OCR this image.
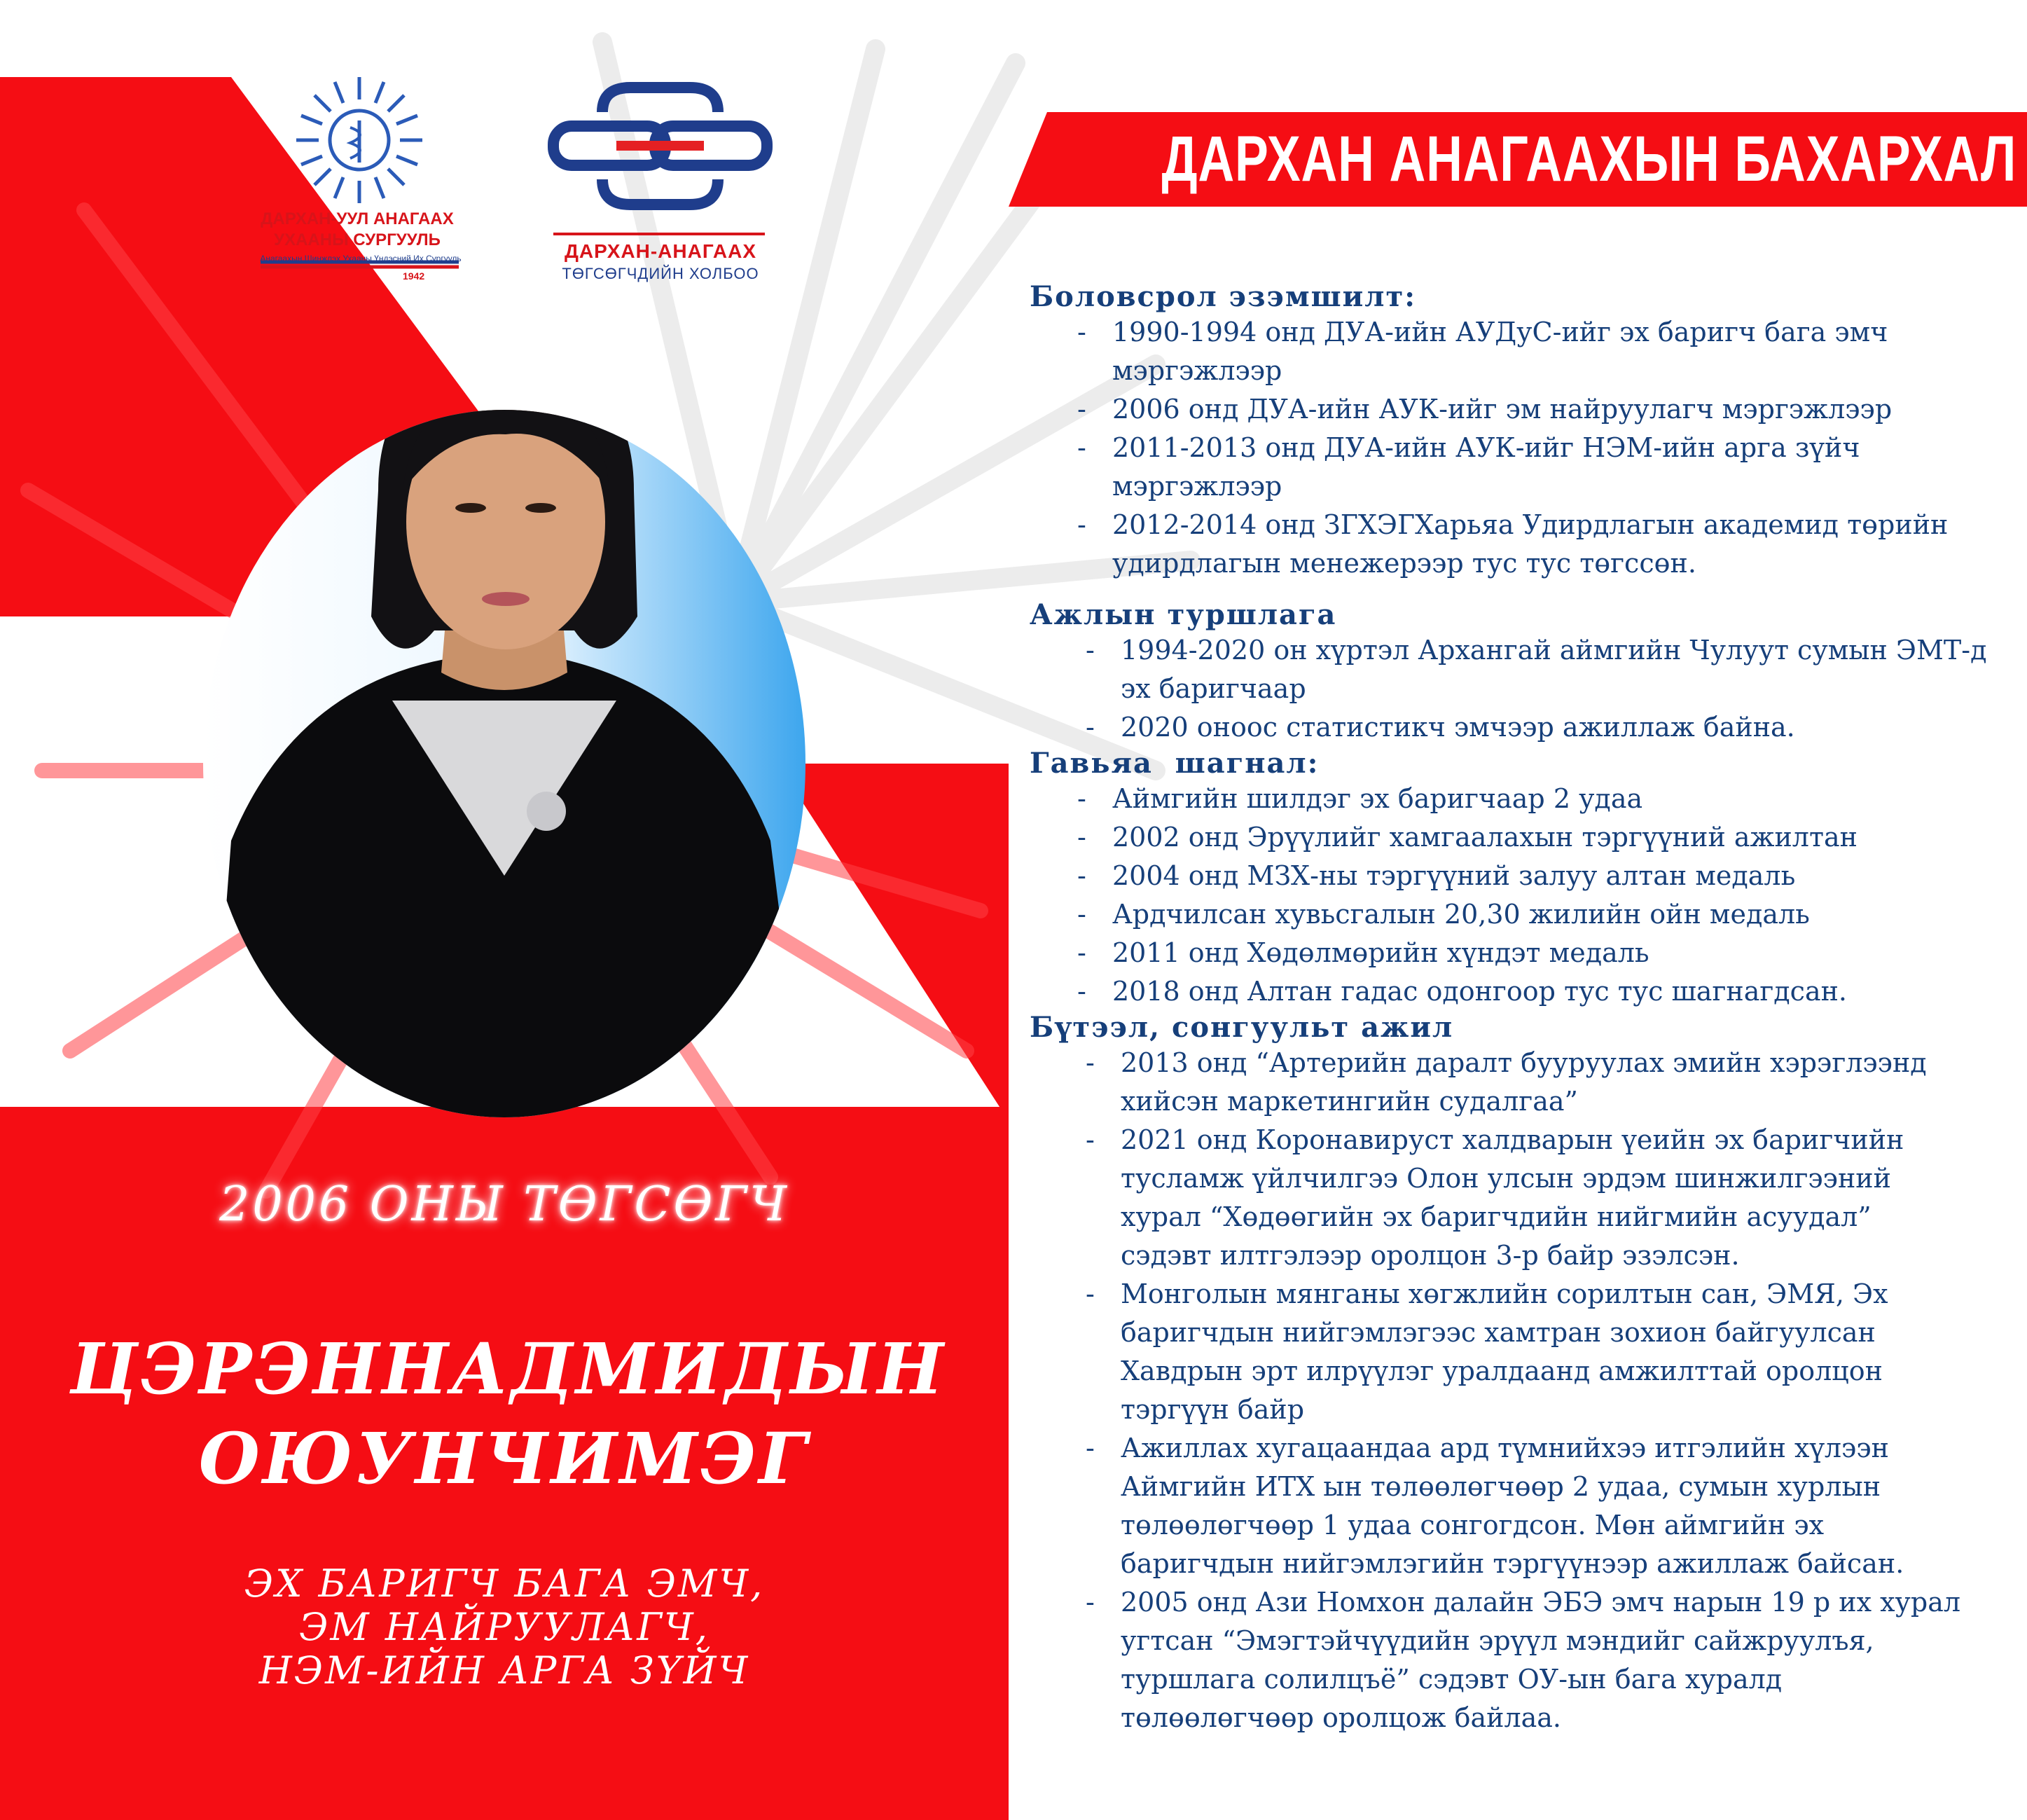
ДАРХАН-УУЛ АНАГААХ
УХААНЫ СУРГУУЛЬ
Анагаахын Шинжлэх Ухааны Үндэсний Их Сургууль
1942
ДАРХАН-АНАГААХ
ТӨГСӨГЧДИЙН ХОЛБОО
ДАРХАН АНАГААХЫН БАХАРХАЛ
Боловсрол эзэмшилт:
- 1990-1994 онд ДУА-ийн АУДуС-ийг эх баригч бага эмч мэргэжлээр
- 2006 онд ДУА-ийн АУК-ийг эм найруулагч мэргэжлээр
- 2011-2013 онд ДУА-ийн АУК-ийг НЭМ-ийн арга зүйч мэргэжлээр
- 2012-2014 онд ЗГХЭГХарьяа Удирдлагын академид төрийн удирдлагын менежерээр тус тус төгссөн.
Ажлын туршлага
- 1994-2020 он хүртэл Архангай аймгийн Чулуут сумын ЭМТ-д эх баригчаар
- 2020 оноос статистикч эмчээр ажиллаж байна.
Гавьяа  шагнал:
- Аймгийн шилдэг эх баригчаар 2 удаа
- 2002 онд Эрүүлийг хамгаалахын тэргүүний ажилтан
- 2004 онд МЗХ-ны тэргүүний залуу алтан медаль
- Ардчилсан хувьсгалын 20,30 жилийн ойн медаль
- 2011 онд Хөдөлмөрийн хүндэт медаль
- 2018 онд Алтан гадас одонгоор тус тус шагнагдсан.
Бүтээл, сонгуульт ажил
- 2013 онд “Артерийн даралт бууруулах эмийн хэрэглээнд хийсэн маркетингийн судалгаа”
- 2021 онд Коронавируст халдварын үеийн эх баригчийн тусламж үйлчилгээ Олон улсын эрдэм шинжилгээний хурал “Хөдөөгийн эх баригчдийн нийгмийн асуудал” сэдэвт илтгэлээр оролцон 3-р байр эзэлсэн.
- Монголын мянганы хөгжлийн сорилтын сан, ЭМЯ, Эх баригчдын нийгэмлэгээс хамтран зохион байгуулсан Хавдрын эрт илрүүлэг уралдаанд амжилттай оролцон тэргүүн байр
- Ажиллах хугацаандаа ард түмнийхээ итгэлийн хүлээн Аймгийн ИТХ ын төлөөлөгчөөр 2 удаа, сумын хурлын төлөөлөгчөөр 1 удаа сонгогдсон. Мөн аймгийн эх баригчдын нийгэмлэгийн тэргүүнээр ажиллаж байсан.
- 2005 онд Ази Номхон далайн ЭБЭ эмч нарын 19 р их хурал угтсан “Эмэгтэйчүүдийн эрүүл мэндийг сайжруулъя, туршлага солилцъё” сэдэвт ОУ-ын бага хуралд төлөөлөгчөөр оролцож байлаа.
2006 ОНЫ ТӨГСӨГЧ
ЦЭРЭННАДМИДЫН
ОЮУНЧИМЭГ
ЭХ БАРИГЧ БАГА ЭМЧ,
ЭМ НАЙРУУЛАГЧ,
НЭМ-ИЙН АРГА ЗҮЙЧ
